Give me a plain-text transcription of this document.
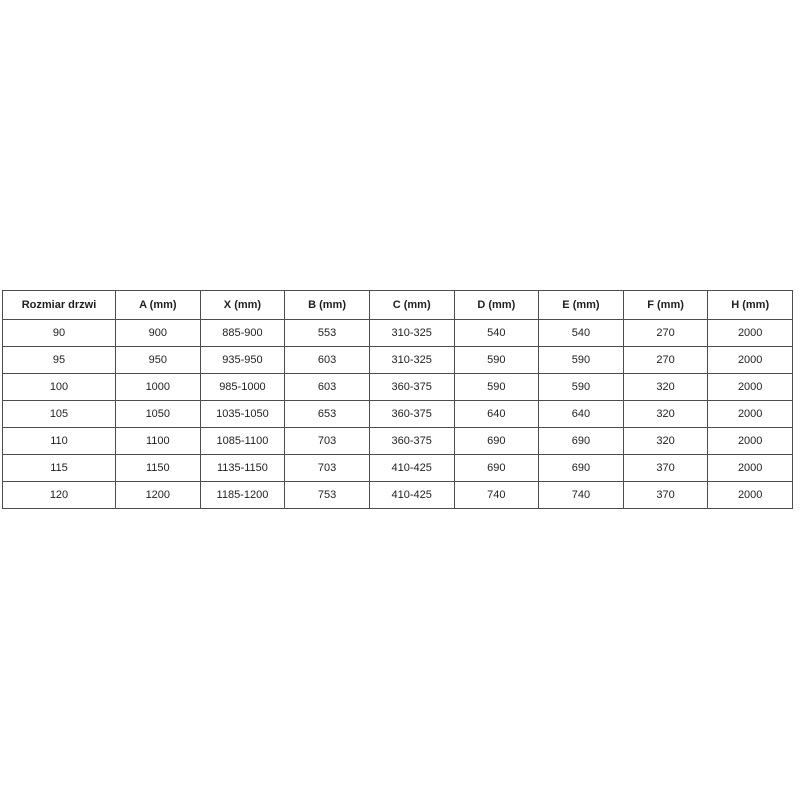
Rozmiar drzwi	A (mm)	X (mm)	B (mm)	C (mm)	D (mm)	E (mm)	F (mm)	H (mm)
90	900	885-900	553	310-325	540	540	270	2000
95	950	935-950	603	310-325	590	590	270	2000
100	1000	985-1000	603	360-375	590	590	320	2000
105	1050	1035-1050	653	360-375	640	640	320	2000
110	1100	1085-1100	703	360-375	690	690	320	2000
115	1150	1135-1150	703	410-425	690	690	370	2000
120	1200	1185-1200	753	410-425	740	740	370	2000
